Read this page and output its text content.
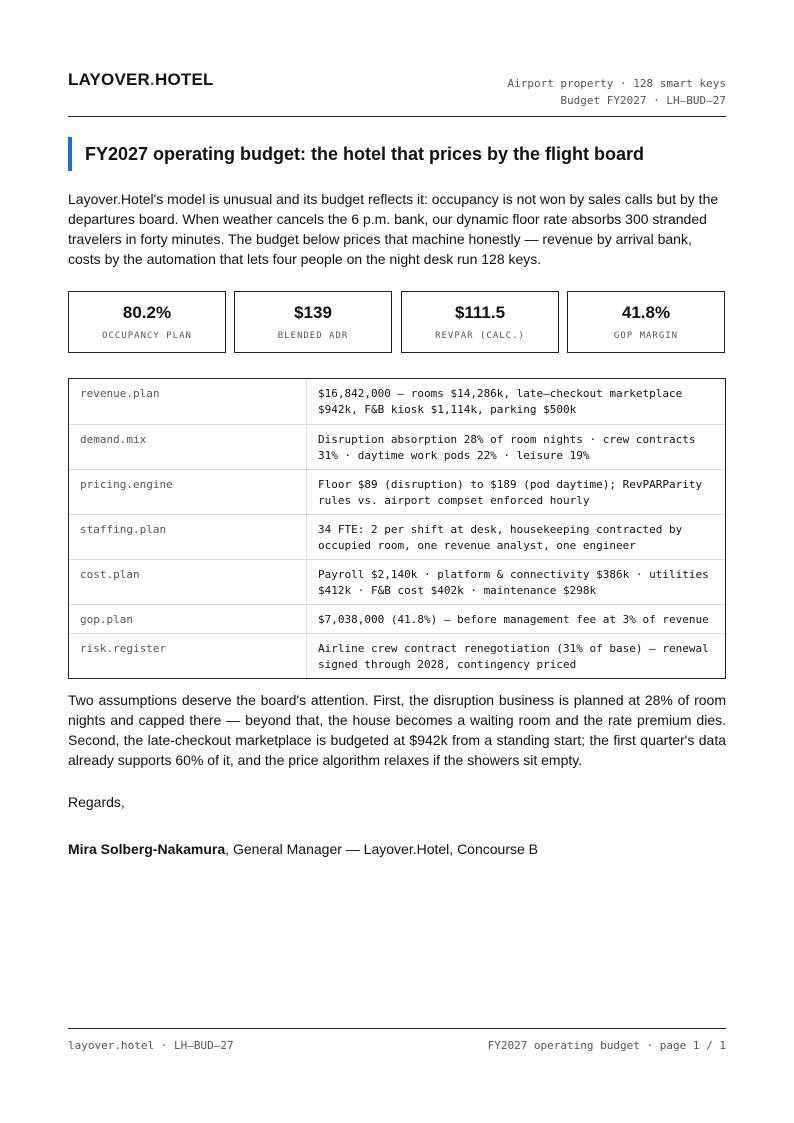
LAYOVER.HOTEL	Airport property · 128 smart keys
Budget FY2027 · LH–BUD–27
FY2027 operating budget: the hotel that prices by the flight board

Layover.Hotel's model is unusual and its budget reflects it: occupancy is not won by sales calls but by the departures board. When weather cancels the 6 p.m. bank, our dynamic floor rate absorbs 300 stranded travelers in forty minutes. The budget below prices that machine honestly — revenue by arrival bank, costs by the automation that lets four people on the night desk run 128 keys.

80.2%
OCCUPANCY PLAN
$139
BLENDED ADR
$111.5
REVPAR (CALC.)
41.8%
GOP MARGIN
revenue.plan	$16,842,000 — rooms $14,286k, late–checkout marketplace $942k, F&B kiosk $1,114k, parking $500k
demand.mix	Disruption absorption 28% of room nights · crew contracts 31% · daytime work pods 22% · leisure 19%
pricing.engine	Floor $89 (disruption) to $189 (pod daytime); RevPARParity rules vs. airport compset enforced hourly
staffing.plan	34 FTE: 2 per shift at desk, housekeeping contracted by occupied room, one revenue analyst, one engineer
cost.plan	Payroll $2,140k · platform & connectivity $386k · utilities $412k · F&B cost $402k · maintenance $298k
gop.plan	$7,038,000 (41.8%) — before management fee at 3% of revenue
risk.register	Airline crew contract renegotiation (31% of base) — renewal signed through 2028, contingency priced

Two assumptions deserve the board's attention. First, the disruption business is planned at 28% of room nights and capped there — beyond that, the house becomes a waiting room and the rate premium dies. Second, the late-checkout marketplace is budgeted at $942k from a standing start; the first quarter's data already supports 60% of it, and the price algorithm relaxes if the showers sit empty.

Regards,
Mira Solberg-Nakamura, General Manager — Layover.Hotel, Concourse B
layover.hotel · LH–BUD–27	FY2027 operating budget · page 1 / 1
